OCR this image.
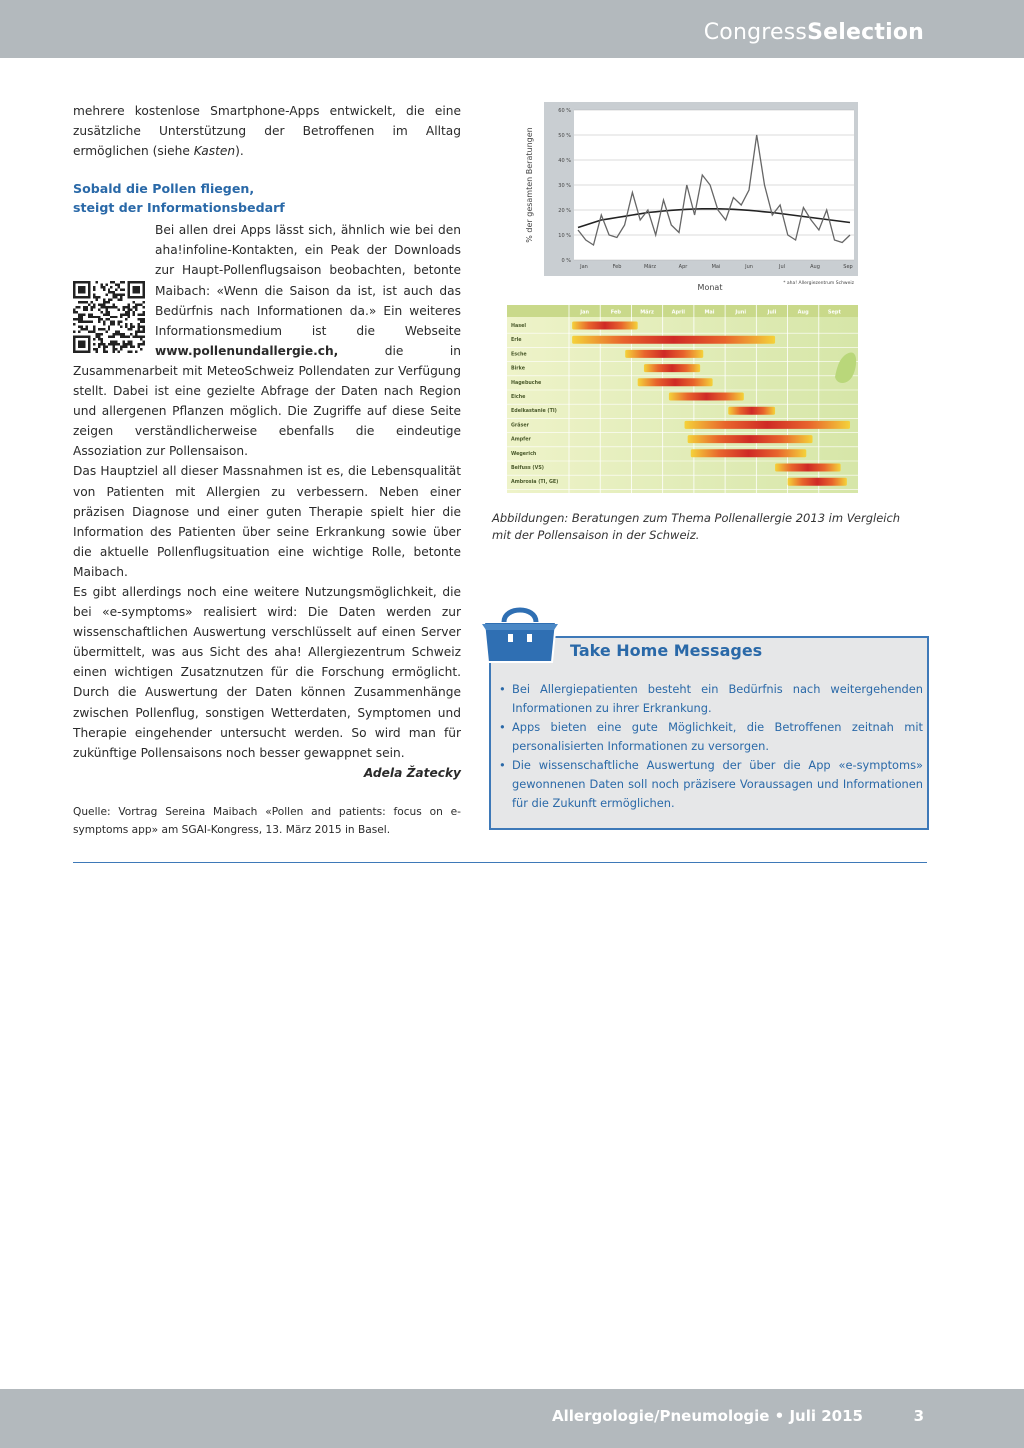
CongressSelection

mehrere kostenlose Smartphone-Apps entwickelt, die eine zusätzliche Unterstützung der Betroffenen im Alltag ermöglichen (siehe Kasten).

Sobald die Pollen fliegen,
steigt der Informationsbedarf

Bei allen drei Apps lässt sich, ähnlich wie bei den aha!infoline-Kontakten, ein Peak der Downloads zur Haupt-Pollenflugsaison beobachten, betonte Maibach: «Wenn die Saison da ist, ist auch das Bedürfnis nach Informationen da.» Ein weiteres Informationsmedium ist die Webseite www.pollenundallergie.ch, die in Zusammenarbeit mit MeteoSchweiz Pollendaten zur Verfügung stellt. Dabei ist eine gezielte Abfrage der Daten nach Region und allergenen Pflanzen möglich. Die Zugriffe auf diese Seite zeigen verständlicherweise ebenfalls die eindeutige Assoziation zur Pollensaison.

Das Hauptziel all dieser Massnahmen ist es, die Lebensqualität von Patienten mit Allergien zu verbessern. Neben einer präzisen Diagnose und einer guten Therapie spielt hier die Information des Patienten über seine Erkrankung sowie über die aktuelle Pollenflugsituation eine wichtige Rolle, betonte Maibach.

Es gibt allerdings noch eine weitere Nutzungsmöglichkeit, die bei «e-symptoms» realisiert wird: Die Daten werden zur wissenschaftlichen Auswertung verschlüsselt auf einen Server übermittelt, was aus Sicht des aha! Allergiezentrum Schweiz einen wichtigen Zusatznutzen für die Forschung ermöglicht. Durch die Auswertung der Daten können Zusammenhänge zwischen Pollenflug, sonstigen Wetterdaten, Symptomen und Therapie eingehender untersucht werden. So wird man für zukünftige Pollensaisons noch besser gewappnet sein.

Adela Žatecky

Quelle: Vortrag Sereina Maibach «Pollen and patients: focus on e-symptoms app» am SGAI-Kongress, 13. März 2015 in Basel.

60 %
50 %
40 %
30 %
20 %
10 %
0 %
Jan	Feb	März	Apr	Mai	Jun	Jul	Aug	Sep
% der gesamten Beratungen
Monat	* aha! Allergiezentrum Schweiz
Jan	Feb	März	April	Mai	Juni	Juli	Aug	Sept
Hasel
Erle
Esche
Birke
Hagebuche
Eiche
Edelkastanie (TI)
Gräser
Ampfer
Wegerich
Beifuss (VS)
Ambrosia (TI, GE)
Abbildungen: Beratungen zum Thema Pollenallergie 2013 im Vergleich mit der Pollensaison in der Schweiz.
Take Home Messages
• Bei Allergiepatienten besteht ein Bedürfnis nach weitergehenden Informationen zu ihrer Erkrankung.
• Apps bieten eine gute Möglichkeit, die Betroffenen zeitnah mit personalisierten Informationen zu versorgen.
• Die wissenschaftliche Auswertung der über die App «e-symptoms» gewonnenen Daten soll noch präzisere Voraussagen und Informationen für die Zukunft ermöglichen.
Allergologie/Pneumologie • Juli 2015	3
